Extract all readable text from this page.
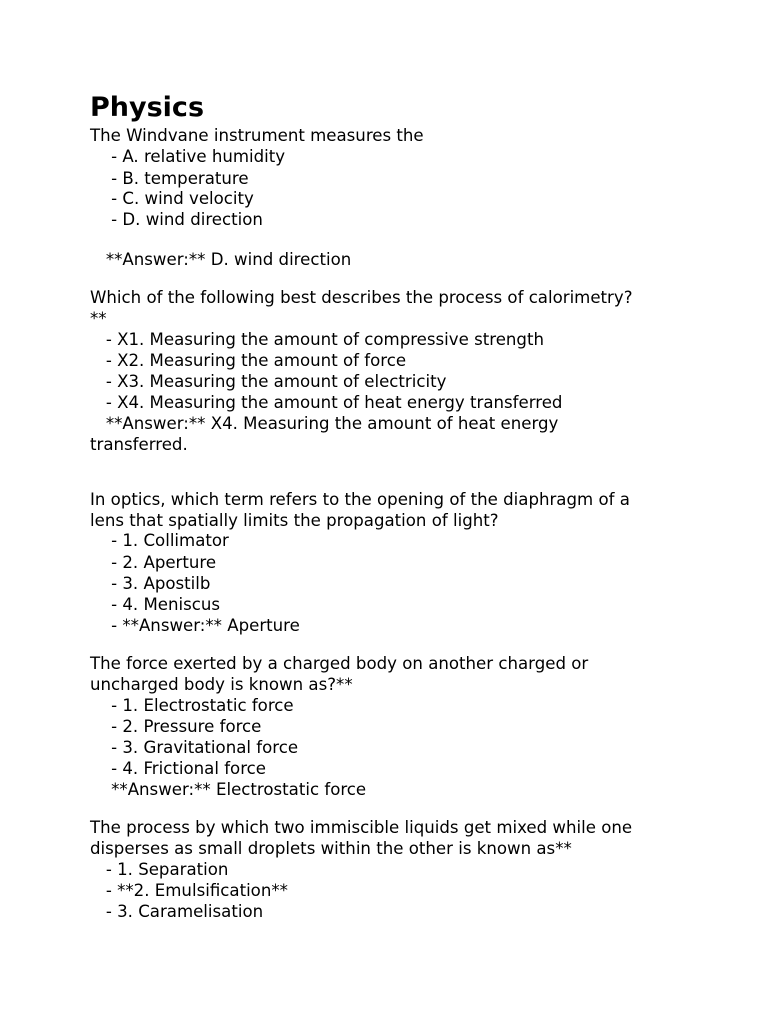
Physics

The Windvane instrument measures the

- A. relative humidity

- B. temperature

- C. wind velocity

- D. wind direction

**Answer:** D. wind direction

Which of the following best describes the process of calorimetry?

**

- X1. Measuring the amount of compressive strength

- X2. Measuring the amount of force

- X3. Measuring the amount of electricity

- X4. Measuring the amount of heat energy transferred

**Answer:** X4. Measuring the amount of heat energy

transferred.

In optics, which term refers to the opening of the diaphragm of a

lens that spatially limits the propagation of light?

- 1. Collimator

- 2. Aperture

- 3. Apostilb

- 4. Meniscus

- **Answer:** Aperture

The force exerted by a charged body on another charged or

uncharged body is known as?**

- 1. Electrostatic force

- 2. Pressure force

- 3. Gravitational force

- 4. Frictional force

**Answer:** Electrostatic force

The process by which two immiscible liquids get mixed while one

disperses as small droplets within the other is known as**

- 1. Separation

- **2. Emulsification**

- 3. Caramelisation
